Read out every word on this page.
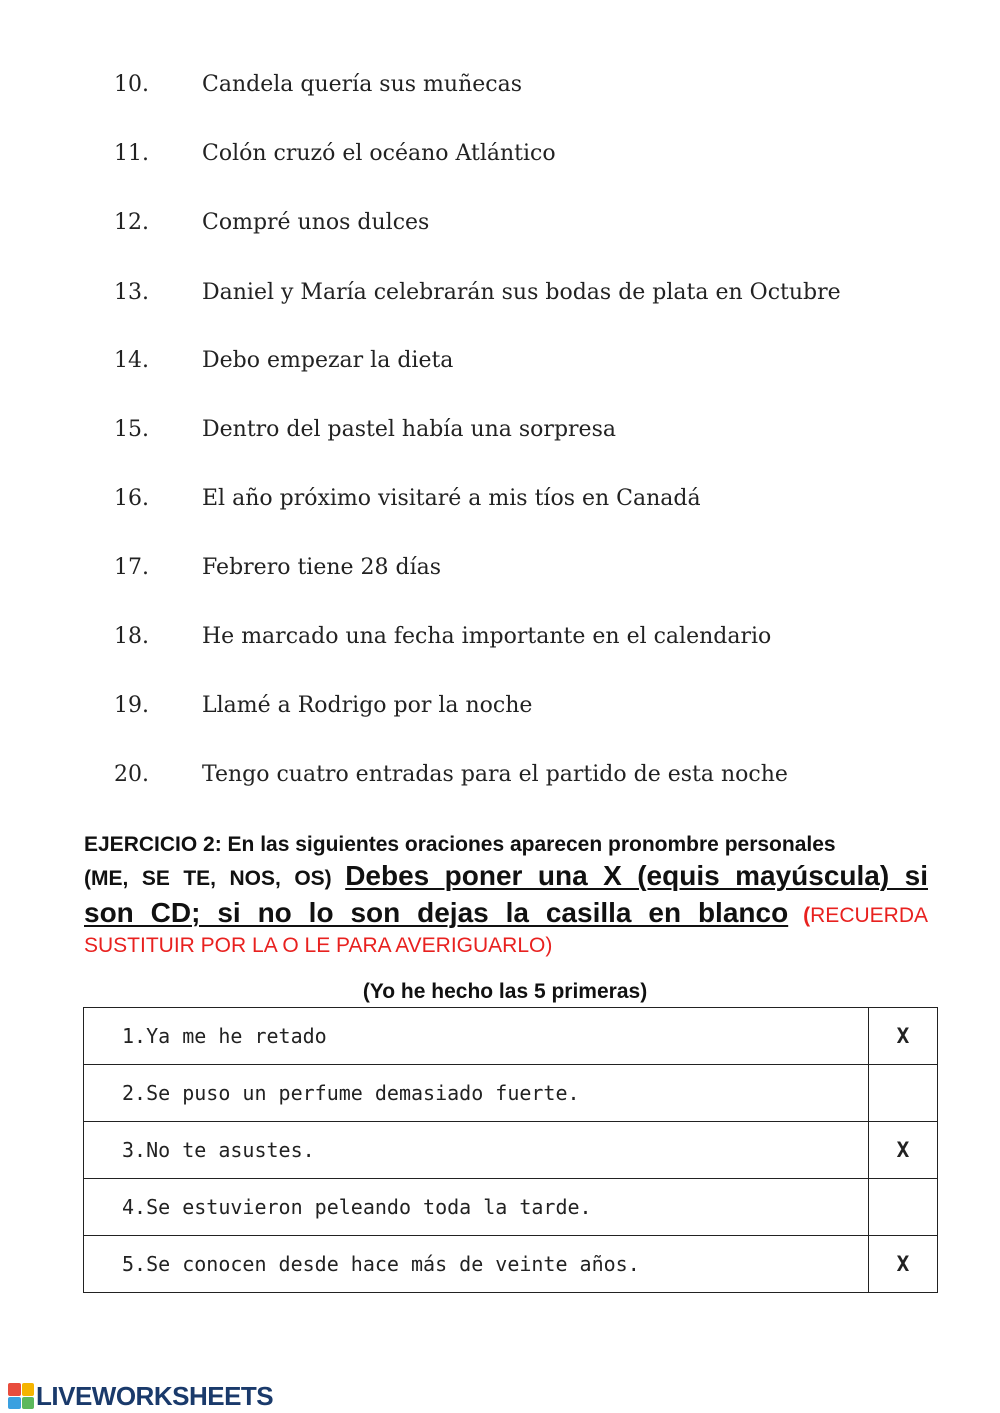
10. Candela quería sus muñecas
11. Colón cruzó el océano Atlántico
12. Compré unos dulces
13. Daniel y María celebrarán sus bodas de plata en Octubre
14. Debo empezar la dieta
15. Dentro del pastel había una sorpresa
16. El año próximo visitaré a mis tíos en Canadá
17. Febrero tiene 28 días
18. He marcado una fecha importante en el calendario
19. Llamé a Rodrigo por la noche
20. Tengo cuatro entradas para el partido de esta noche
EJERCICIO 2: En las siguientes oraciones aparecen pronombre personales
(ME, SE TE, NOS, OS) Debes poner una X (equis mayúscula) si
son CD; si no lo son dejas la casilla en blanco (RECUERDA
SUSTITUIR POR LA O LE PARA AVERIGUARLO)
(Yo he hecho las 5 primeras)
1.Ya me he retado	X
2.Se puso un perfume demasiado fuerte.	
3.No te asustes.	X
4.Se estuvieron peleando toda la tarde.	
5.Se conocen desde hace más de veinte años.	X
LIVEWORKSHEETS
